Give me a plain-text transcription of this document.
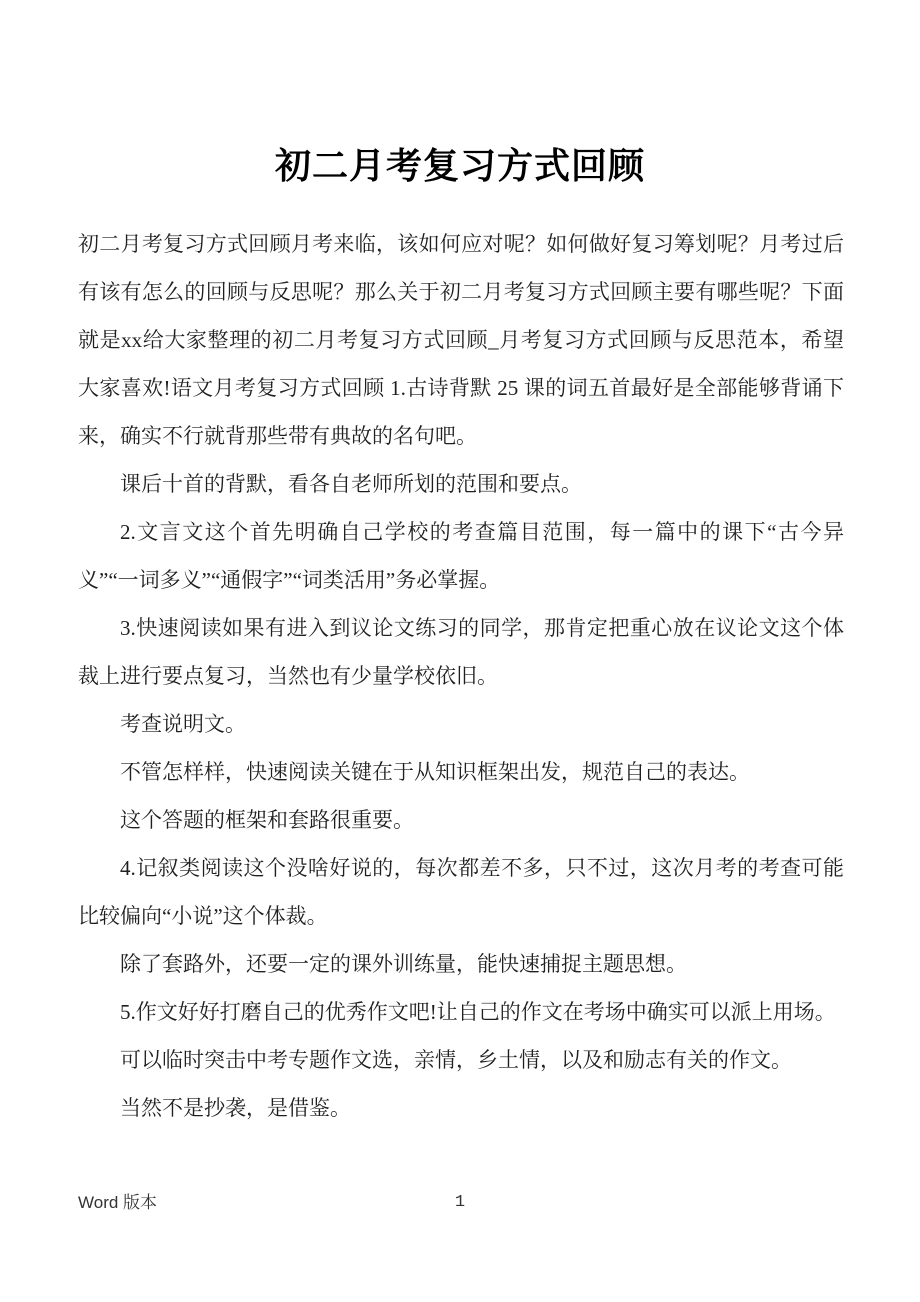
初二月考复习方式回顾

初二月考复习方式回顾月考来临，该如何应对呢？如何做好复习筹划呢？月考过后有该有怎么的回顾与反思呢？那么关于初二月考复习方式回顾主要有哪些呢？下面就是xx给大家整理的初二月考复习方式回顾_月考复习方式回顾与反思范本，希望大家喜欢!语文月考复习方式回顾 1.古诗背默 25 课的词五首最好是全部能够背诵下来，确实不行就背那些带有典故的名句吧。

课后十首的背默，看各自老师所划的范围和要点。

2.文言文这个首先明确自己学校的考查篇目范围，每一篇中的课下“古今异义”“一词多义”“通假字”“词类活用”务必掌握。

3.快速阅读如果有进入到议论文练习的同学，那肯定把重心放在议论文这个体裁上进行要点复习，当然也有少量学校依旧。

考查说明文。

不管怎样样，快速阅读关键在于从知识框架出发，规范自己的表达。

这个答题的框架和套路很重要。

4.记叙类阅读这个没啥好说的，每次都差不多，只不过，这次月考的考查可能比较偏向“小说”这个体裁。

除了套路外，还要一定的课外训练量，能快速捕捉主题思想。

5.作文好好打磨自己的优秀作文吧!让自己的作文在考场中确实可以派上用场。

可以临时突击中考专题作文选，亲情，乡土情，以及和励志有关的作文。

当然不是抄袭，是借鉴。

Word 版本	1
